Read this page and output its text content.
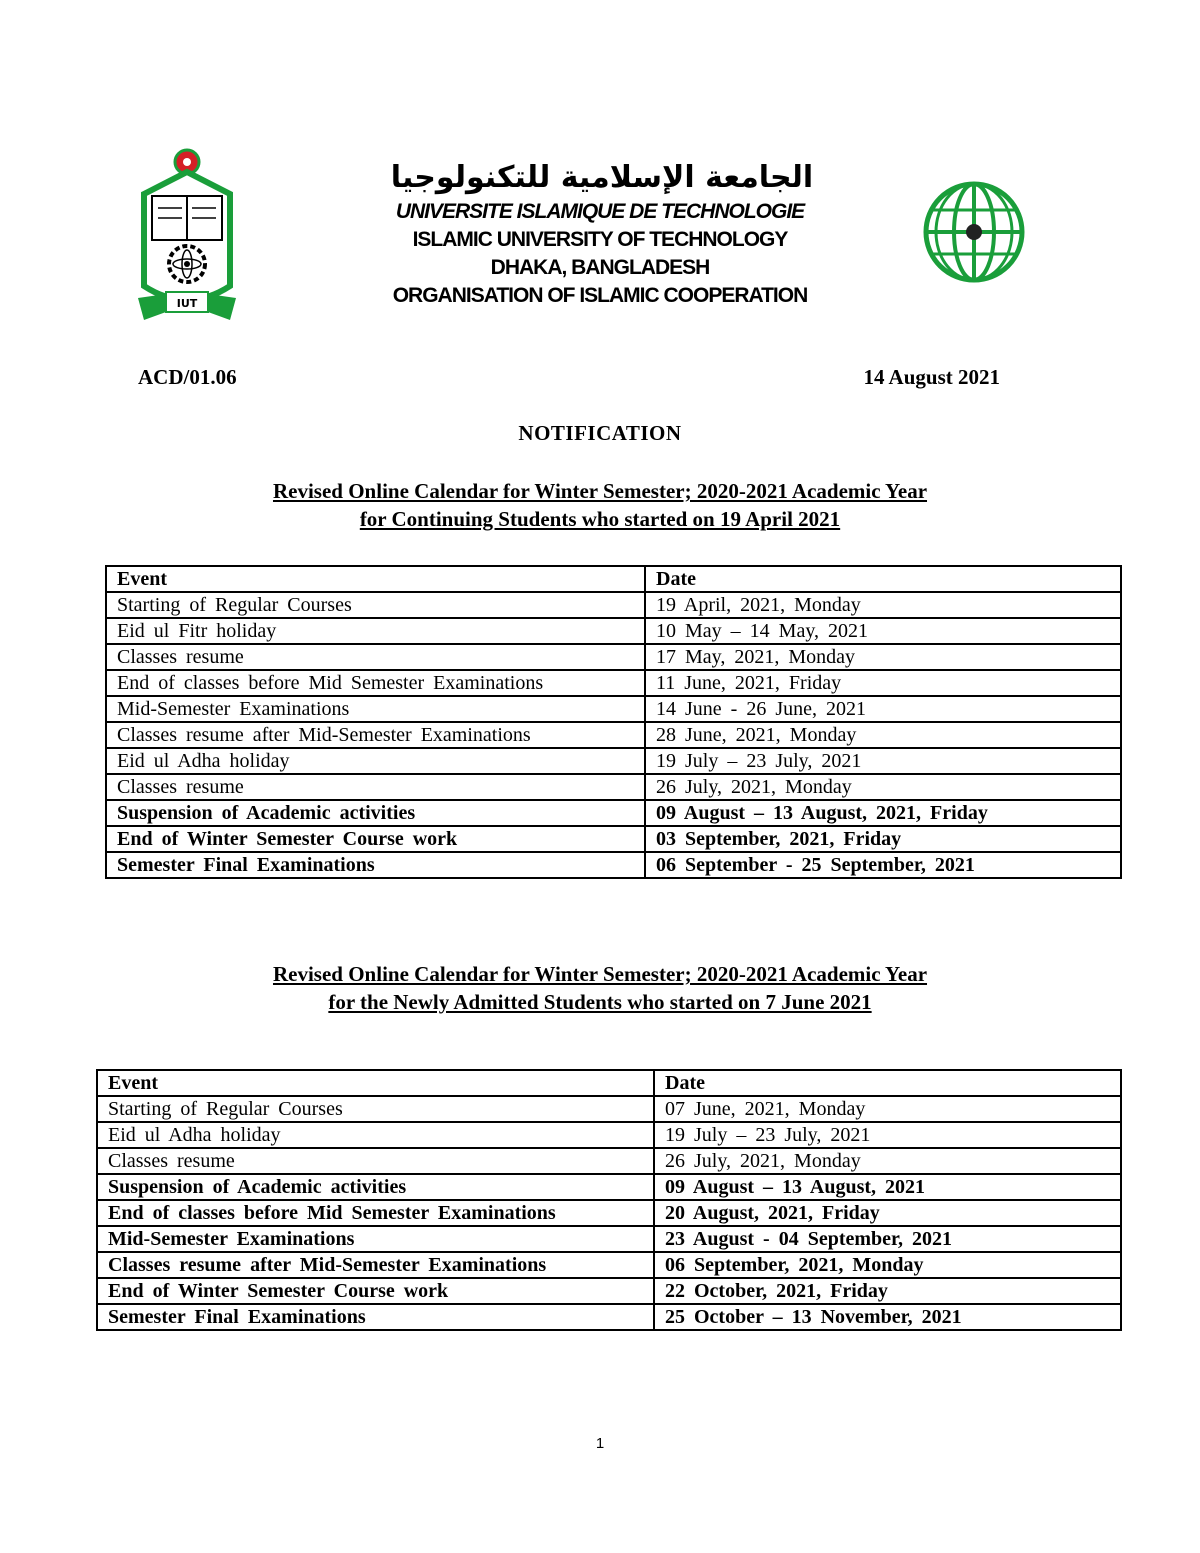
IUT
الجامعة الإسلامية للتكنولوجيا
UNIVERSITE ISLAMIQUE DE TECHNOLOGIE
ISLAMIC UNIVERSITY OF TECHNOLOGY
DHAKA, BANGLADESH
ORGANISATION OF ISLAMIC COOPERATION
ACD/01.06	14 August 2021
NOTIFICATION
Revised Online Calendar for Winter Semester; 2020-2021 Academic Year
for Continuing Students who started on 19 April 2021
Event	Date
Starting of Regular Courses	19 April, 2021, Monday
Eid ul Fitr holiday	10 May – 14 May, 2021
Classes resume	17 May, 2021, Monday
End of classes before Mid Semester Examinations	11 June, 2021, Friday
Mid-Semester Examinations	14 June - 26 June, 2021
Classes resume after Mid-Semester Examinations	28 June, 2021, Monday
Eid ul Adha holiday	19 July – 23 July, 2021
Classes resume	26 July, 2021, Monday
Suspension of Academic activities	09 August – 13 August, 2021, Friday
End of Winter Semester Course work	03 September, 2021, Friday
Semester Final Examinations	06 September - 25 September, 2021
Revised Online Calendar for Winter Semester; 2020-2021 Academic Year
for the Newly Admitted Students who started on 7 June 2021
Event	Date
Starting of Regular Courses	07 June, 2021, Monday
Eid ul Adha holiday	19 July – 23 July, 2021
Classes resume	26 July, 2021, Monday
Suspension of Academic activities	09 August – 13 August, 2021
End of classes before Mid Semester Examinations	20 August, 2021, Friday
Mid-Semester Examinations	23 August - 04 September, 2021
Classes resume after Mid-Semester Examinations	06 September, 2021, Monday
End of Winter Semester Course work	22 October, 2021, Friday
Semester Final Examinations	25 October – 13 November, 2021
1
